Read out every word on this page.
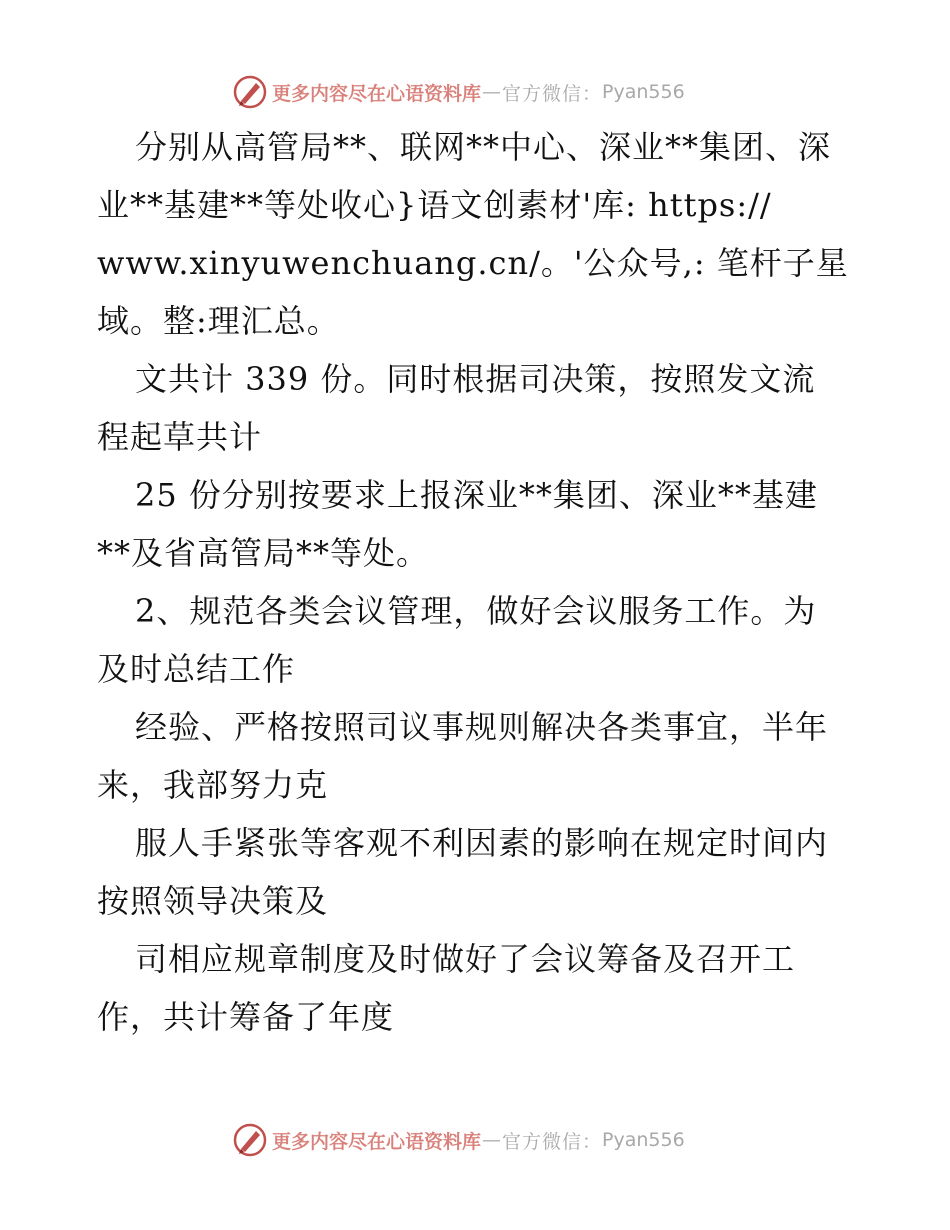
更多内容尽在心语资料库 — 官方微信： Pyan556
分别从高管局**、联网**中心、深业**集团、深
业**基建**等处收心}语文创素材'库: https://
www.xinyuwenchuang.cn/。'公众号,: 笔杆子星
域。整:理汇总。
文共计 339 份。同时根据司决策，按照发文流
程起草共计
25 份分别按要求上报深业**集团、深业**基建
**及省高管局**等处。
2、规范各类会议管理，做好会议服务工作。为
及时总结工作
经验、严格按照司议事规则解决各类事宜，半年
来，我部努力克
服人手紧张等客观不利因素的影响在规定时间内
按照领导决策及
司相应规章制度及时做好了会议筹备及召开工
作，共计筹备了年度
更多内容尽在心语资料库 — 官方微信： Pyan556
